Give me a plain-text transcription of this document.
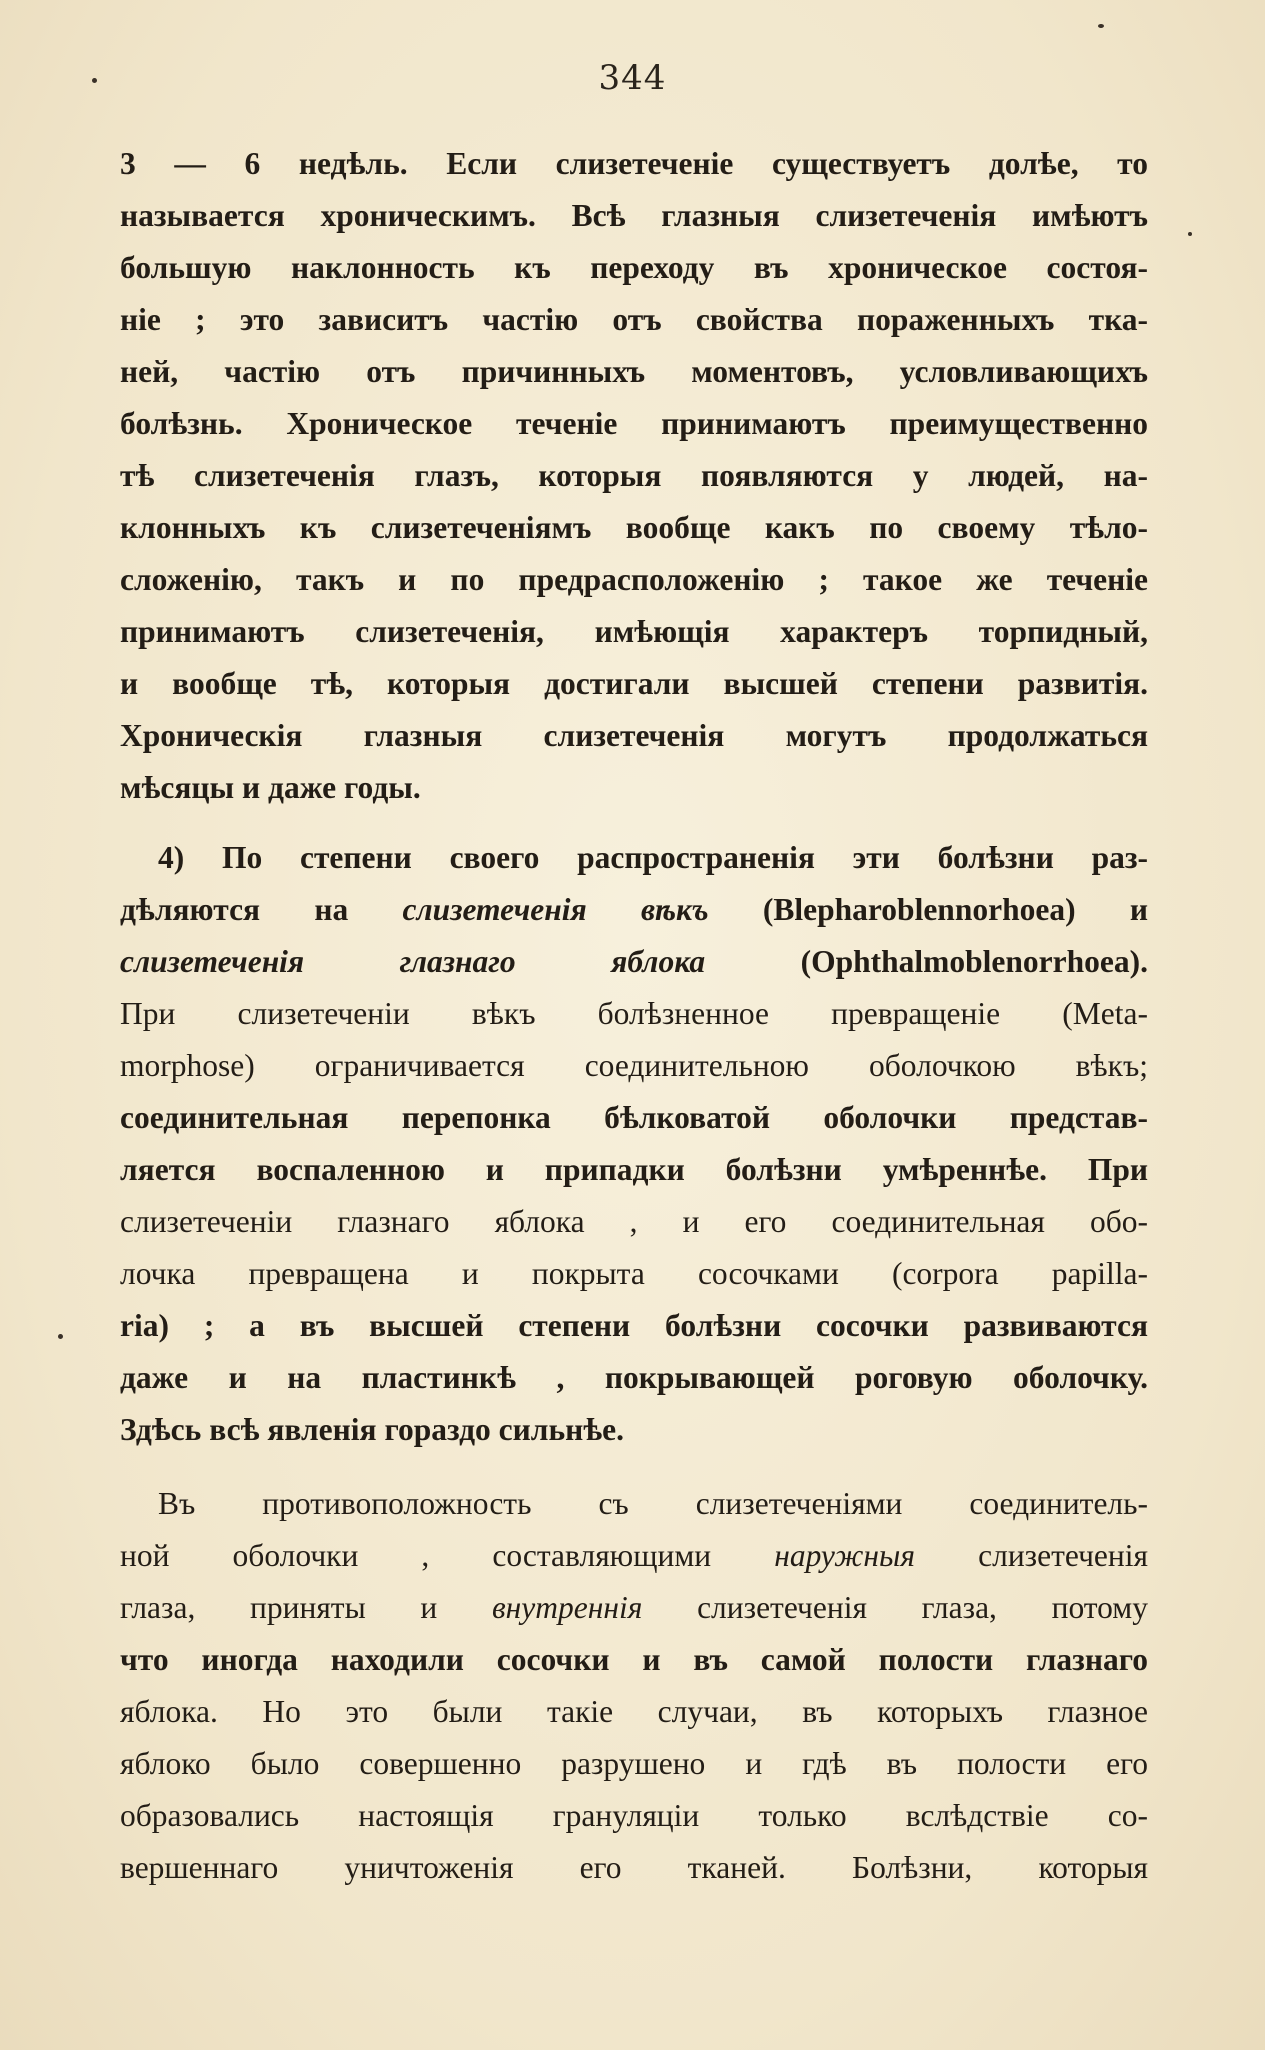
344
3 — 6 недѣль. Если слизетеченіе существуетъ долѣе, то
называется хроническимъ. Всѣ глазныя слизетеченія имѣютъ
большую наклонность къ переходу въ хроническое состоя-
ніе ; это зависитъ частію отъ свойства пораженныхъ тка-
ней, частію отъ причинныхъ моментовъ, условливающихъ
болѣзнь. Хроническое теченіе принимаютъ преимущественно
тѣ слизетеченія глазъ, которыя появляются у людей, на-
клонныхъ къ слизетеченіямъ вообще какъ по своему тѣло-
сложенію, такъ и по предрасположенію ; такое же теченіе
принимаютъ слизетеченія, имѣющія характеръ торпидный,
и вообще тѣ, которыя достигали высшей степени развитія.
Хроническія глазныя слизетеченія могутъ продолжаться
мѣсяцы и даже годы.
4) По степени своего распространенія эти болѣзни раз-
дѣляются на слизетеченія вѣкъ (Blepharoblennorhoea) и
слизетеченія глазнаго яблока (Ophthalmoblenorrhoea).
При слизетеченіи вѣкъ болѣзненное превращеніе (Meta-
morphose) ограничивается соединительною оболочкою вѣкъ;
соединительная перепонка бѣлковатой оболочки представ-
ляется воспаленною и припадки болѣзни умѣреннѣе. При
слизетеченіи глазнаго яблока , и его соединительная обо-
лочка превращена и покрыта сосочками (corpora papilla-
ria) ; а въ высшей степени болѣзни сосочки развиваются
даже и на пластинкѣ , покрывающей роговую оболочку.
Здѣсь всѣ явленія гораздо сильнѣе.
Въ противоположность съ слизетеченіями соединитель-
ной оболочки , составляющими наружныя слизетеченія
глаза, приняты и внутреннія слизетеченія глаза, потому
что иногда находили сосочки и въ самой полости глазнаго
яблока. Но это были такіе случаи, въ которыхъ глазное
яблоко было совершенно разрушено и гдѣ въ полости его
образовались настоящія грануляціи только вслѣдствіе со-
вершеннаго уничтоженія его тканей. Болѣзни, которыя
